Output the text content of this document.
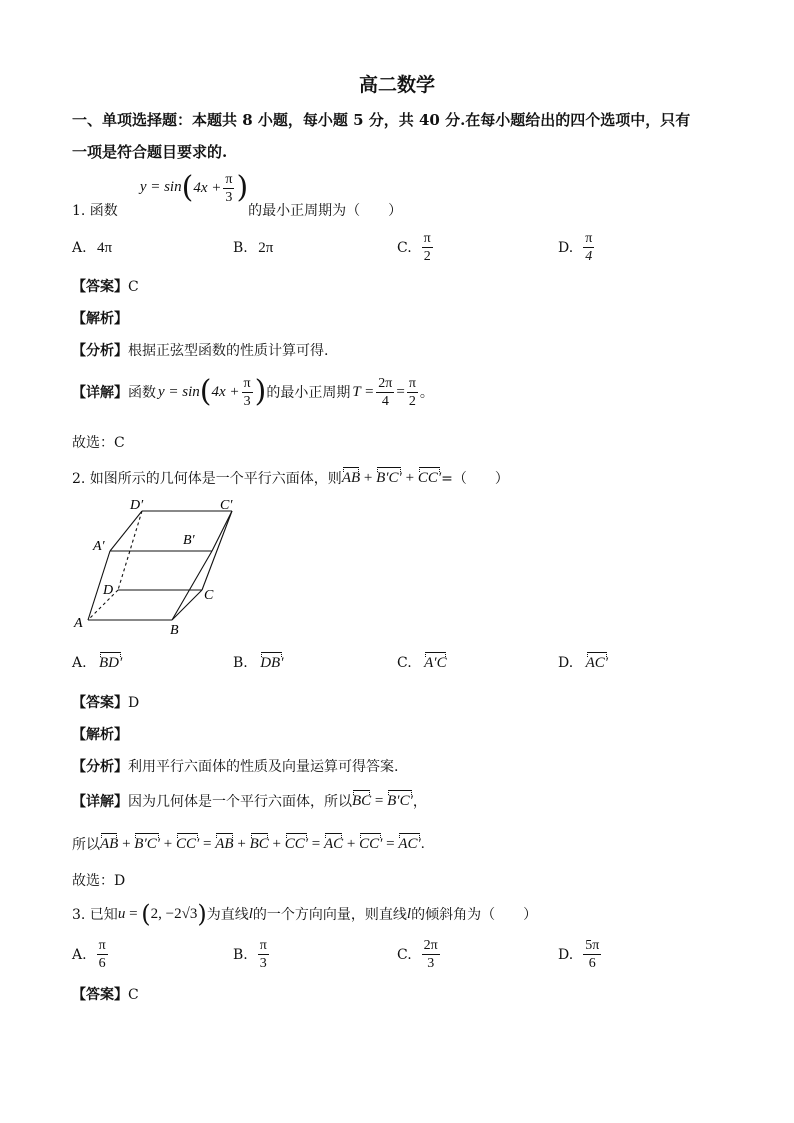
高二数学
一、单项选择题：本题共 8 小题，每小题 5 分，共 40 分.在每小题给出的四个选项中，只有
一项是符合题目要求的.
1. 函数
y = sin ( $4x + \frac{\pi}{3}$ )
的最小正周期为（　　）
A. 4π	B. 2π	C. $\frac{\pi}{2}$	D. $\frac{\pi}{4}$
【答案】C
【解析】
【分析】根据正弦型函数的性质计算可得.
【详解】 函数 y = sin ( $4x + \frac{\pi}{3}$ ) 的最小正周期 $T = \frac{2\pi}{4} = \frac{\pi}{2}$ 。
故选：C
2. 如图所示的几何体是一个平行六面体，则 AB + B′C′ + CC′ =（　　）
D′	C′
A′	B′
D	C
A	B
A. BD′	B. DB′	C. A′C	D. AC′
【答案】D
【解析】
【分析】利用平行六面体的性质及向量运算可得答案.
【详解】 因为几何体是一个平行六面体，所以 BC = B′C′ ，
所以 AB + B′C′ + CC′ = AB + BC + CC′ = AC + CC′ = AC′ .
故选：D
3. 已知 u = ( 2, −2√3 ) 为直线 l 的一个方向向量，则直线 l 的倾斜角为（　　）
A. $\frac{\pi}{6}$	B. $\frac{\pi}{3}$	C. $\frac{2\pi}{3}$	D. $\frac{5\pi}{6}$
【答案】C
